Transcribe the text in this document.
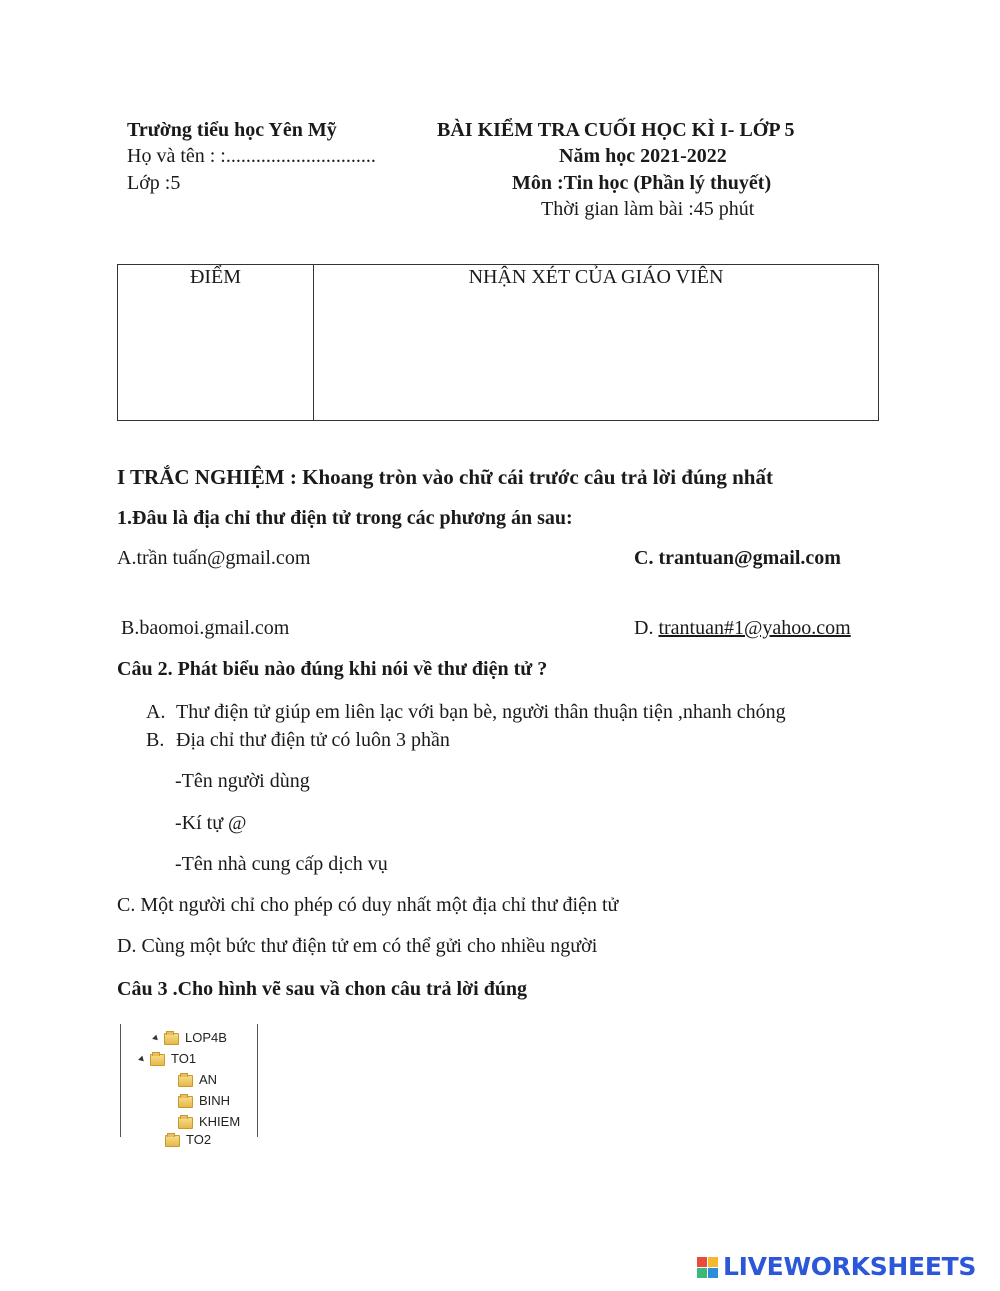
Trường tiểu học Yên Mỹ
Họ và tên : :..............................
Lớp :5
BÀI KIỂM TRA CUỐI HỌC KÌ I- LỚP 5
Năm học 2021-2022
Môn :Tin học (Phần lý thuyết)
Thời gian làm bài :45 phút
ĐIỂM	NHẬN XÉT CỦA GIÁO VIÊN
I TRẮC NGHIỆM : Khoang tròn vào chữ cái trước câu trả lời đúng nhất
1.Đâu là địa chỉ thư điện tử trong các phương án sau:
A.trần tuấn@gmail.com	C. trantuan@gmail.com
B.baomoi.gmail.com	D. trantuan#1@yahoo.com
Câu 2. Phát biểu nào đúng khi nói về thư điện tử ?
A. Thư điện tử giúp em liên lạc với bạn bè, người thân thuận tiện ,nhanh chóng
B. Địa chỉ thư điện tử có luôn 3 phần
-Tên người dùng
-Kí tự @
-Tên nhà cung cấp dịch vụ
C. Một người chỉ cho phép có duy nhất một địa chỉ thư điện tử
D. Cùng một bức thư điện tử em có thể gửi cho nhiều người
Câu 3 .Cho hình vẽ sau vầ chon câu trả lời đúng
LOP4B
TO1
AN
BINH
KHIEM
TO2
LIVEWORKSHEETS
